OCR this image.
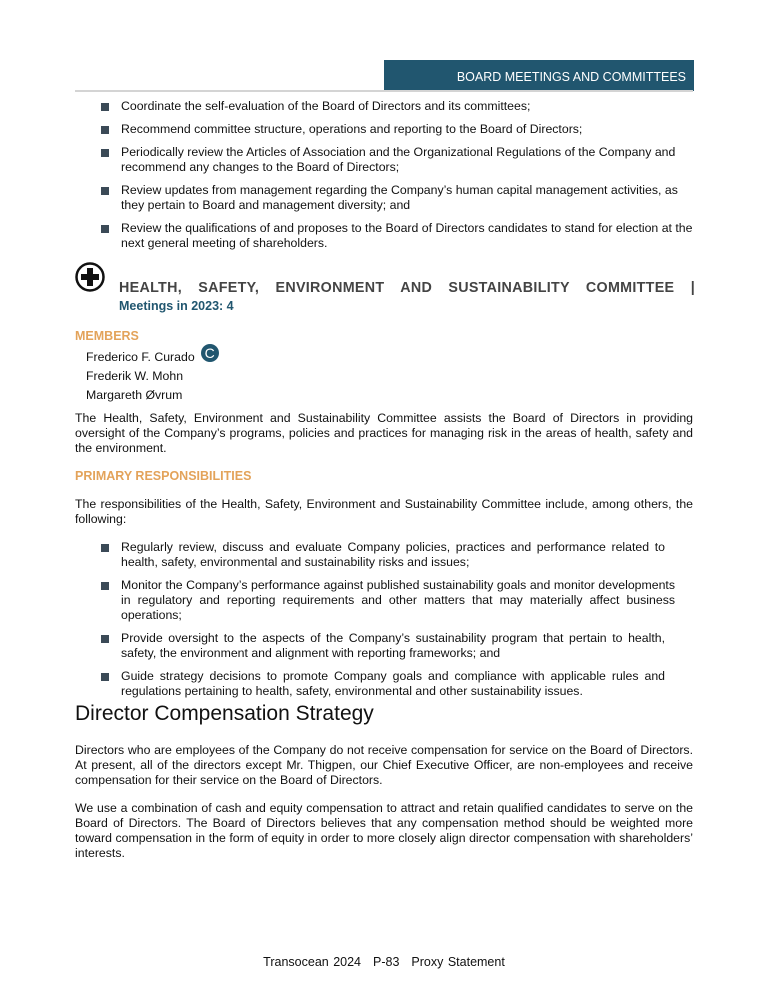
BOARD MEETINGS AND COMMITTEES
Coordinate the self-evaluation of the Board of Directors and its committees;
Recommend committee structure, operations and reporting to the Board of Directors;
Periodically review the Articles of Association and the Organizational Regulations of the Company and recommend any changes to the Board of Directors;
Review updates from management regarding the Company’s human capital management activities, as they pertain to Board and management diversity; and
Review the qualifications of and proposes to the Board of Directors candidates to stand for election at the next general meeting of shareholders.
HEALTH, SAFETY, ENVIRONMENT AND SUSTAINABILITY COMMITTEE |
Meetings in 2023: 4
MEMBERS
Frederico F. Curado C
Frederik W. Mohn
Margareth Øvrum
The Health, Safety, Environment and Sustainability Committee assists the Board of Directors in providing oversight of the Company’s programs, policies and practices for managing risk in the areas of health, safety and the environment.
PRIMARY RESPONSIBILITIES
The responsibilities of the Health, Safety, Environment and Sustainability Committee include, among others, the following:
Regularly review, discuss and evaluate Company policies, practices and performance related to health, safety, environmental and sustainability risks and issues;
Monitor the Company’s performance against published sustainability goals and monitor developments in regulatory and reporting requirements and other matters that may materially affect business operations;
Provide oversight to the aspects of the Company’s sustainability program that pertain to health, safety, the environment and alignment with reporting frameworks; and
Guide strategy decisions to promote Company goals and compliance with applicable rules and regulations pertaining to health, safety, environmental and other sustainability issues.
Director Compensation Strategy
Directors who are employees of the Company do not receive compensation for service on the Board of Directors. At present, all of the directors except Mr. Thigpen, our Chief Executive Officer, are non-employees and receive compensation for their service on the Board of Directors.
We use a combination of cash and equity compensation to attract and retain qualified candidates to serve on the Board of Directors. The Board of Directors believes that any compensation method should be weighted more toward compensation in the form of equity in order to more closely align director compensation with shareholders’ interests.
Transocean 2024 P-83 Proxy Statement
